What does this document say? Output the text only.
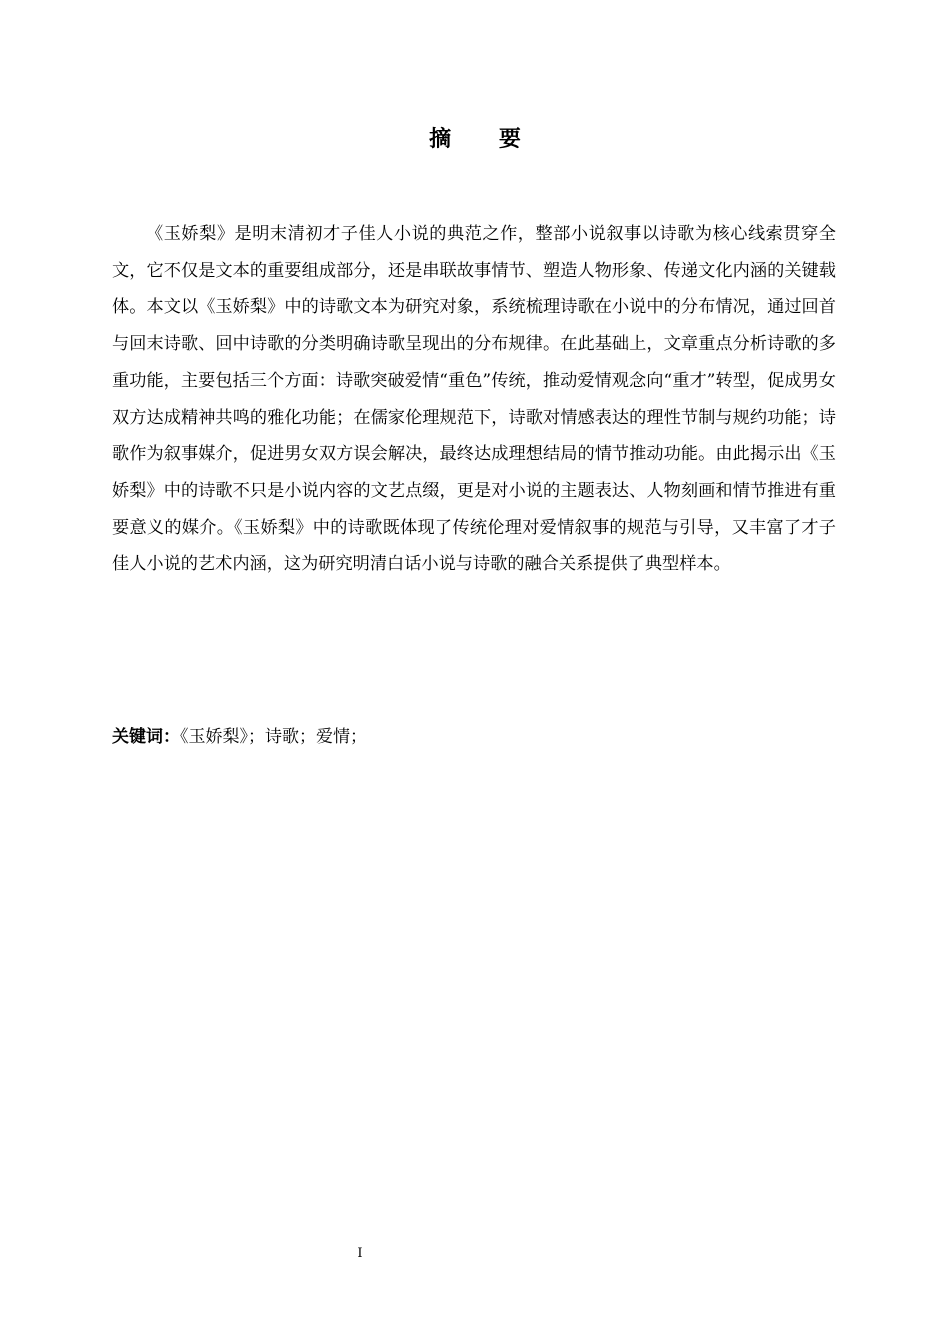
摘 要

《玉娇梨》是明末清初才子佳人小说的典范之作，整部小说叙事以诗歌为核心线索贯穿全文，它不仅是文本的重要组成部分，还是串联故事情节、塑造人物形象、传递文化内涵的关键载体。本文以《玉娇梨》中的诗歌文本为研究对象，系统梳理诗歌在小说中的分布情况，通过回首与回末诗歌、回中诗歌的分类明确诗歌呈现出的分布规律。在此基础上，文章重点分析诗歌的多重功能，主要包括三个方面：诗歌突破爱情“重色”传统，推动爱情观念向“重才”转型，促成男女双方达成精神共鸣的雅化功能；在儒家伦理规范下，诗歌对情感表达的理性节制与规约功能；诗歌作为叙事媒介，促进男女双方误会解决，最终达成理想结局的情节推动功能。由此揭示出《玉娇梨》中的诗歌不只是小说内容的文艺点缀，更是对小说的主题表达、人物刻画和情节推进有重要意义的媒介。《玉娇梨》中的诗歌既体现了传统伦理对爱情叙事的规范与引导，又丰富了才子佳人小说的艺术内涵，这为研究明清白话小说与诗歌的融合关系提供了典型样本。

关键词：《玉娇梨》；诗歌；爱情；
I
